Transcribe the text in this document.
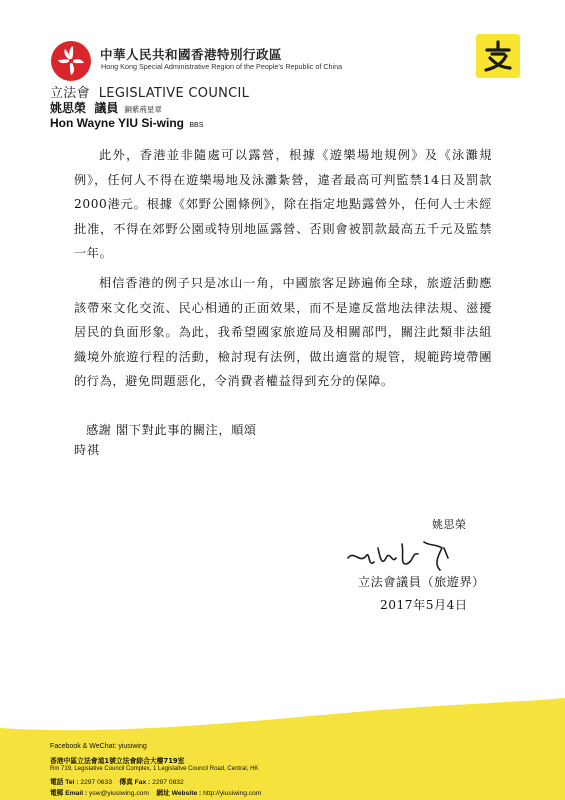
中華人民共和國香港特別行政區
Hong Kong Special Administrative Region of the People's Republic of China
立法會  LEGISLATIVE COUNCIL
姚思榮  議員 銅紫荊星章
Hon Wayne YIU Si-wing BBS
此外，香港並非隨處可以露營，根據《遊樂場地規例》及《泳灘規例》，任何人不得在遊樂場地及泳灘紮營，違者最高可判監禁14日及罰款2000港元。根據《郊野公園條例》，除在指定地點露營外，任何人士未經批准，不得在郊野公園或特別地區露營、否則會被罰款最高五千元及監禁一年。
相信香港的例子只是冰山一角，中國旅客足跡遍佈全球，旅遊活動應該帶來文化交流、民心相通的正面效果，而不是違反當地法律法規、滋擾居民的負面形象。為此，我希望國家旅遊局及相關部門，關注此類非法組織境外旅遊行程的活動，檢討現有法例，做出適當的規管，規範跨境帶團的行為，避免問題惡化，令消費者權益得到充分的保障。
感謝 閣下對此事的關注，順頌
時祺
姚思榮
立法會議員（旅遊界）
2017年5月4日
Facebook & WeChat: yiusiwing
香港中區立法會道1號立法會綜合大樓719室
Rm 719, Legislative Council Complex, 1 Legislative Council Road, Central, HK
電話 Tel : 2297 0633 傳真 Fax : 2297 0832
電郵 Email : ysw@yiusiwing.com 網址 Website : http://yiusiwing.com
